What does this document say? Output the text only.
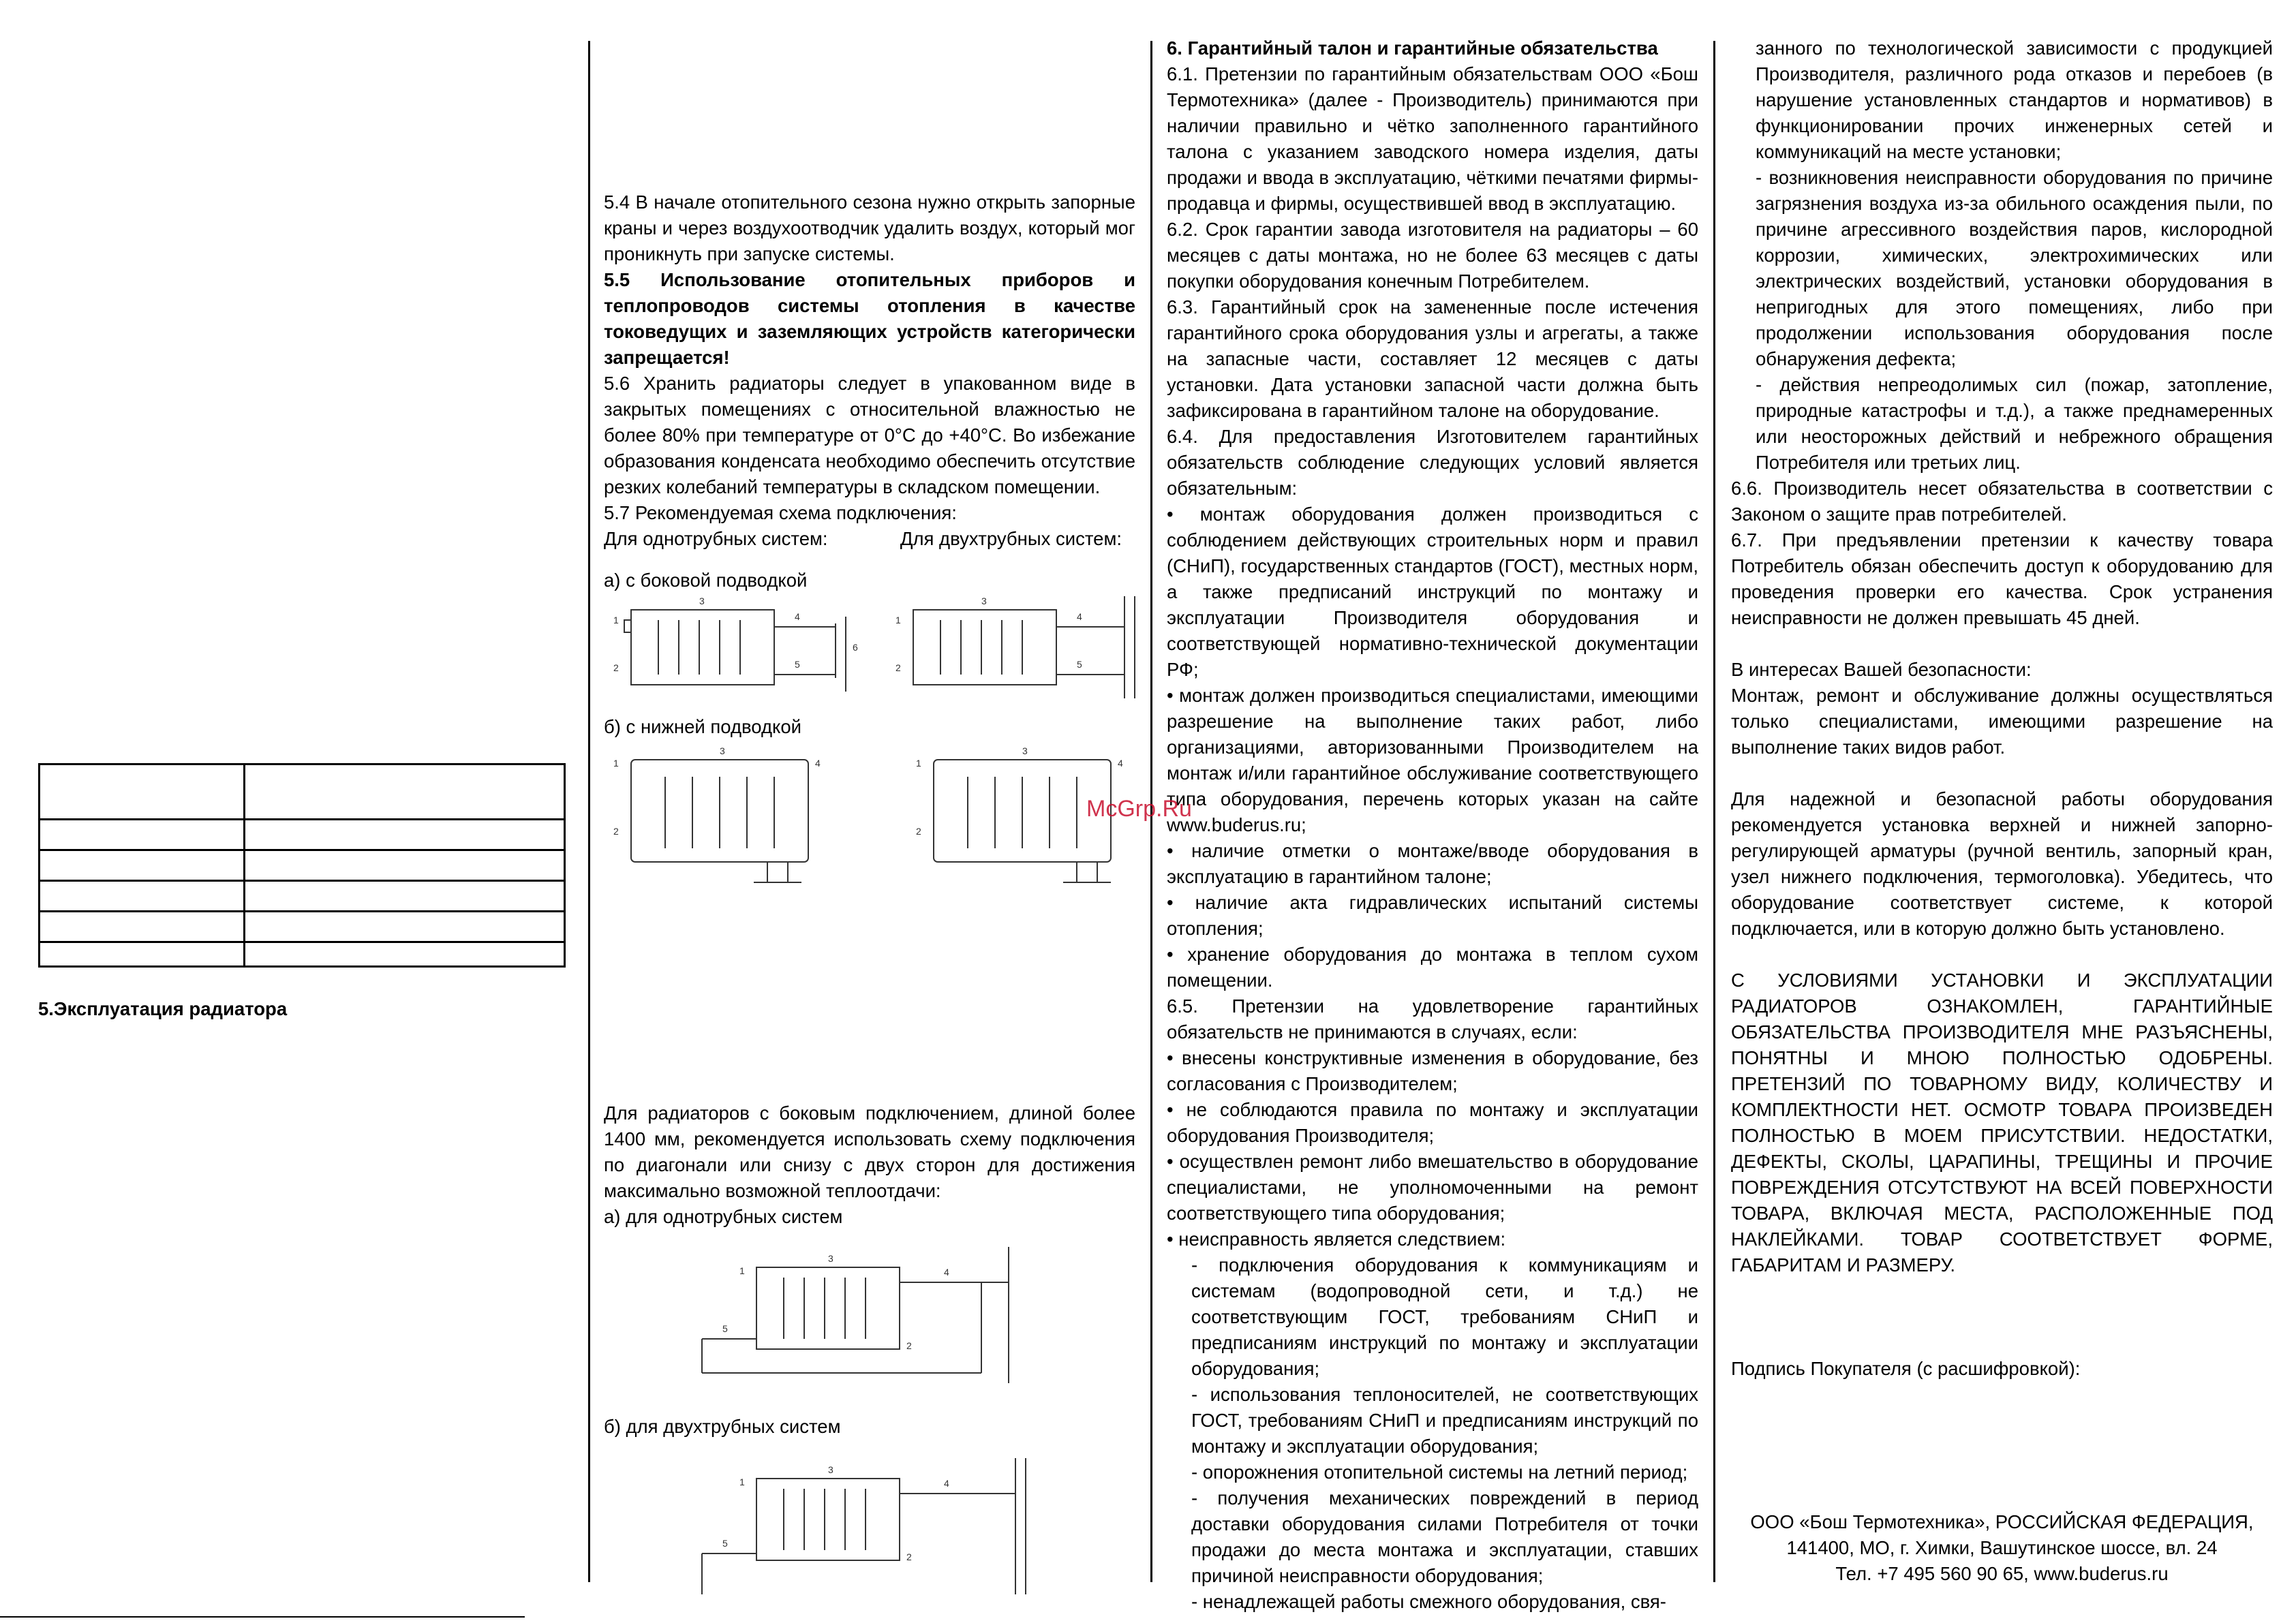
5.Эксплуатация радиатора

5.4 В начале отопительного сезона нужно открыть запорные краны и через воздухоотводчик удалить воздух, который мог проникнуть при запуске системы.

5.5 Использование отопительных приборов и теплопроводов системы отопления в качестве токоведущих и заземляющих устройств категорически запрещается!

5.6 Хранить радиаторы следует в упакованном виде в закрытых помещениях с относительной влажностью не более 80% при температуре от 0°С до +40°С. Во избежание образования конденсата необходимо обеспечить отсутствие резких колебаний температуры в складском помещении.

5.7 Рекомендуемая схема подключения:

Для однотрубных систем:	Для двухтрубных систем:
а) с боковой подводкой
б) с нижней подводкой
3
4
5
6
1
2
3
4
5
1
2
3
4
1
2
3
4
1
2

Для радиаторов с боковым подключением, длиной более 1400 мм, рекомендуется использовать схему подключения по диагонали или снизу с двух сторон для достижения максимально возможной теплоотдачи:

а) для однотрубных систем

3
4
5
1
2
б) для двухтрубных систем
3
4
5
1
2

6. Гарантийный талон и гарантийные обязательства

6.1. Претензии по гарантийным обязательствам ООО «Бош Термотехника» (далее - Производитель) принимаются при наличии правильно и чётко заполненного гарантийного талона с указанием заводского номера изделия, даты продажи и ввода в эксплуатацию, чёткими печатями фирмы-продавца и фирмы, осуществившей ввод в эксплуатацию.

6.2. Срок гарантии завода изготовителя на радиаторы – 60 месяцев с даты монтажа, но не более 63 месяцев с даты покупки оборудования конечным Потребителем.

6.3. Гарантийный срок на замененные после истечения гарантийного срока оборудования узлы и агрегаты, а также на запасные части, составляет 12 месяцев с даты установки. Дата установки запасной части должна быть зафиксирована в гарантийном талоне на оборудование.

6.4. Для предоставления Изготовителем гарантийных обязательств соблюдение следующих условий является обязательным:

• монтаж оборудования должен производиться с соблюдением действующих строительных норм и правил (СНиП), государственных стандартов (ГОСТ), местных норм, а также предписаний инструкций по монтажу и эксплуатации Производителя оборудования и соответствующей нормативно-технической документации РФ;

• монтаж должен производиться специалистами, имеющими разрешение на выполнение таких работ, либо организациями, авторизованными Производителем на монтаж и/или гарантийное обслуживание соответствующего типа оборудования, перечень которых указан на сайте www.buderus.ru;

• наличие отметки о монтаже/вводе оборудования в эксплуатацию в гарантийном талоне;

• наличие акта гидравлических испытаний системы отопления;

• хранение оборудования до монтажа в теплом сухом помещении.

6.5. Претензии на удовлетворение гарантийных обязательств не принимаются в случаях, если:

• внесены конструктивные изменения в оборудование, без согласования с Производителем;

• не соблюдаются правила по монтажу и эксплуатации оборудования Производителя;

• осуществлен ремонт либо вмешательство в оборудование специалистами, не уполномоченными на ремонт соответствующего типа оборудования;

• неисправность является следствием:

- подключения оборудования к коммуникациям и системам (водопроводной сети, и т.д.) не соответствующим ГОСТ, требованиям СНиП и предписаниям инструкций по монтажу и эксплуатации оборудования;

- использования теплоносителей, не соответствующих ГОСТ, требованиям СНиП и предписаниям инструкций по монтажу и эксплуатации оборудования;

- опорожнения отопительной системы на летний период;

- получения механических повреждений в период доставки оборудования силами Потребителя от точки продажи до места монтажа и эксплуатации, ставших причиной неисправности оборудования;

- ненадлежащей работы смежного оборудования, свя-

занного по технологической зависимости с продукцией Производителя, различного рода отказов и перебоев (в нарушение установленных стандартов и нормативов) в функционировании прочих инженерных сетей и коммуникаций на месте установки;

- возникновения неисправности оборудования по причине загрязнения воздуха из-за обильного осаждения пыли, по причине агрессивного воздействия паров, кислородной коррозии, химических, электрохимических или электрических воздействий, установки оборудования в непригодных для этого помещениях, либо при продолжении использования оборудования после обнаружения дефекта;

- действия непреодолимых сил (пожар, затопление, природные катастрофы и т.д.), а также преднамеренных или неосторожных действий и небрежного обращения Потребителя или третьих лиц.

6.6. Производитель несет обязательства в соответствии с Законом о защите прав потребителей.

6.7. При предъявлении претензии к качеству товара Потребитель обязан обеспечить доступ к оборудованию для проведения проверки его качества. Срок устранения неисправности не должен превышать 45 дней.

В интересах Вашей безопасности:

Монтаж, ремонт и обслуживание должны осуществляться только специалистами, имеющими разрешение на выполнение таких видов работ.

Для надежной и безопасной работы оборудования рекомендуется установка верхней и нижней запорно-регулирующей арматуры (ручной вентиль, запорный кран, узел нижнего подключения, термоголовка). Убедитесь, что оборудование соответствует системе, к которой подключается, или в которую должно быть установлено.

С УСЛОВИЯМИ УСТАНОВКИ И ЭКСПЛУАТАЦИИ РАДИАТОРОВ ОЗНАКОМЛЕН, ГАРАНТИЙНЫЕ ОБЯЗАТЕЛЬСТВА ПРОИЗВОДИТЕЛЯ МНЕ РАЗЪЯСНЕНЫ, ПОНЯТНЫ И МНОЮ ПОЛНОСТЬЮ ОДОБРЕНЫ. ПРЕТЕНЗИЙ ПО ТОВАРНОМУ ВИДУ, КОЛИЧЕСТВУ И КОМПЛЕКТНОСТИ НЕТ. ОСМОТР ТОВАРА ПРОИЗВЕДЕН ПОЛНОСТЬЮ В МОЕМ ПРИСУТСТВИИ. НЕДОСТАТКИ, ДЕФЕКТЫ, СКОЛЫ, ЦАРАПИНЫ, ТРЕЩИНЫ И ПРОЧИЕ ПОВРЕЖДЕНИЯ ОТСУТСТВУЮТ НА ВСЕЙ ПОВЕРХНОСТИ ТОВАРА, ВКЛЮЧАЯ МЕСТА, РАСПОЛОЖЕННЫЕ ПОД НАКЛЕЙКАМИ. ТОВАР СООТВЕТСТВУЕТ ФОРМЕ, ГАБАРИТАМ И РАЗМЕРУ.

Подпись Покупателя (с расшифровкой):

ООО «Бош Термотехника», РОССИЙСКАЯ ФЕДЕРАЦИЯ,

141400, МО, г. Химки, Вашутинское шоссе, вл. 24

Тел. +7 495 560 90 65, www.buderus.ru

McGrp.Ru
